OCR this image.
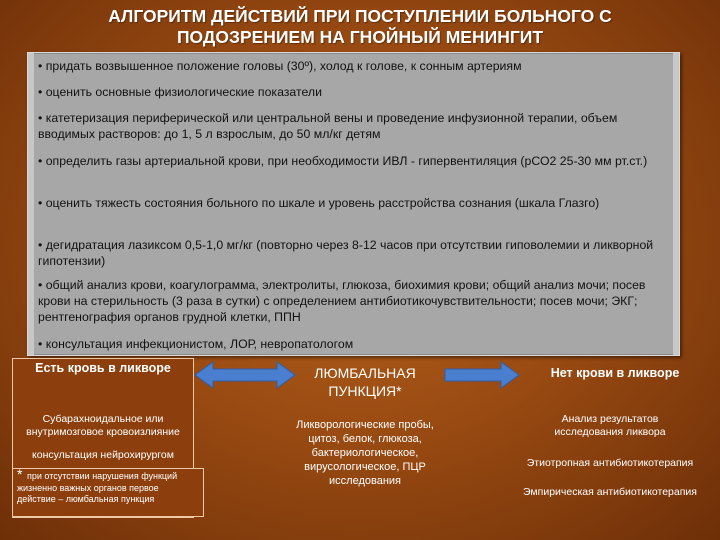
АЛГОРИТМ ДЕЙСТВИЙ ПРИ ПОСТУПЛЕНИИ БОЛЬНОГО С
ПОДОЗРЕНИЕМ НА ГНОЙНЫЙ МЕНИНГИТ
• придать возвышенное положение головы (30º), холод к голове, к сонным артериям
• оценить основные физиологические показатели
• катетеризация периферической или центральной вены и проведение инфузионной терапии, объем вводимых растворов: до 1, 5 л взрослым, до 50 мл/кг детям
• определить газы артериальной крови, при необходимости ИВЛ - гипервентиляция (рСО2 25-30 мм рт.ст.)
• оценить тяжесть состояния больного по шкале и уровень расстройства сознания (шкала Глазго)
• дегидратация лазиксом 0,5-1,0 мг/кг (повторно через 8-12 часов при отсутствии гиповолемии и ликворной гипотензии)
• общий анализ крови, коагулограмма, электролиты, глюкоза, биохимия крови; общий анализ мочи; посев крови на стерильность (3 раза в сутки) с определением антибиотикочувствительности; посев мочи; ЭКГ; рентгенография органов грудной клетки, ППН
• консультация инфекционистом, ЛОР, невропатологом
Есть кровь в ликворе
Субарахноидальное или
внутримозговое кровоизлияние
консультация нейрохирургом
* при отсутствии нарушения функций жизненно важных органов первое действие – люмбальная пункция
ЛЮМБАЛЬНАЯ
ПУНКЦИЯ*
Ликворологические пробы,
цитоз, белок, глюкоза,
бактериологическое,
вирусологическое, ПЦР
исследования
Нет крови в ликворе
Анализ результатов
исследования ликвора
Этиотропная антибиотикотерапия
Эмпирическая антибиотикотерапия
